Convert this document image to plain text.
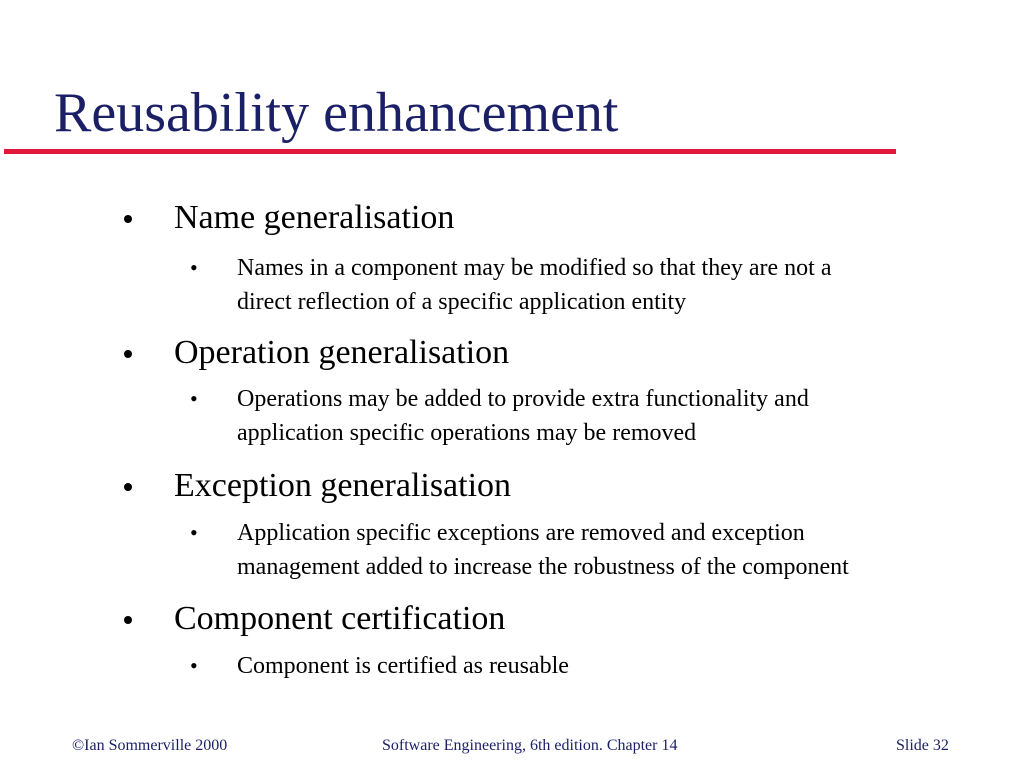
Reusability enhancement
Name generalisation
• Names in a component may be modified so that they are not a
direct reflection of a specific application entity
Operation generalisation
• Operations may be added to provide extra functionality and
application specific operations may be removed
Exception generalisation
• Application specific exceptions are removed and exception
management added to increase the robustness of the component
Component certification
• Component is certified as reusable
©Ian Sommerville 2000	Software Engineering, 6th edition. Chapter 14	Slide 32
